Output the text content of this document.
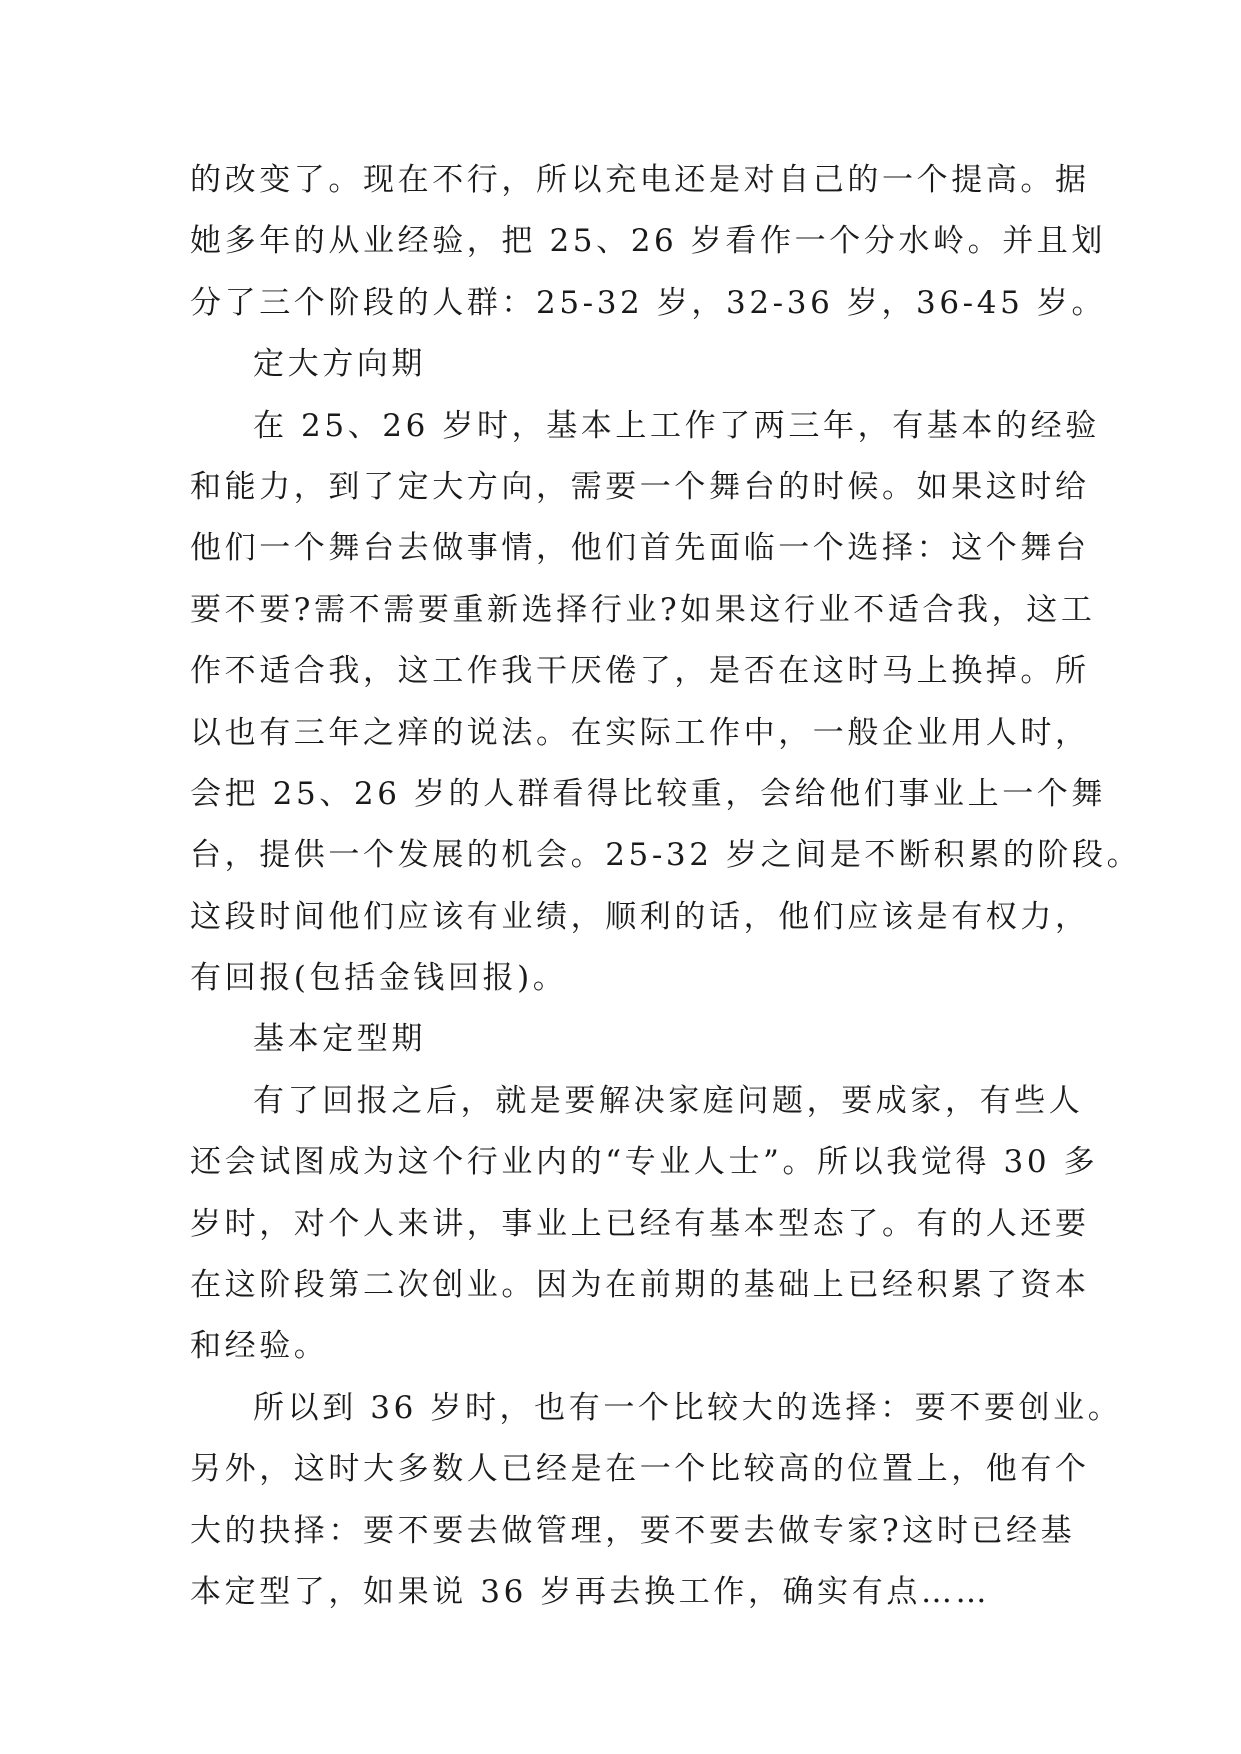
的改变了。现在不行，所以充电还是对自己的一个提高。据
她多年的从业经验，把 25、26 岁看作一个分水岭。并且划
分了三个阶段的人群：25-32 岁，32-36 岁，36-45 岁。
定大方向期
在 25、26 岁时，基本上工作了两三年，有基本的经验
和能力，到了定大方向，需要一个舞台的时候。如果这时给
他们一个舞台去做事情，他们首先面临一个选择：这个舞台
要不要?需不需要重新选择行业?如果这行业不适合我，这工
作不适合我，这工作我干厌倦了，是否在这时马上换掉。所
以也有三年之痒的说法。在实际工作中，一般企业用人时，
会把 25、26 岁的人群看得比较重，会给他们事业上一个舞
台，提供一个发展的机会。25-32 岁之间是不断积累的阶段。
这段时间他们应该有业绩，顺利的话，他们应该是有权力，
有回报(包括金钱回报)。
基本定型期
有了回报之后，就是要解决家庭问题，要成家，有些人
还会试图成为这个行业内的“专业人士”。所以我觉得 30 多
岁时，对个人来讲，事业上已经有基本型态了。有的人还要
在这阶段第二次创业。因为在前期的基础上已经积累了资本
和经验。
所以到 36 岁时，也有一个比较大的选择：要不要创业。
另外，这时大多数人已经是在一个比较高的位置上，他有个
大的抉择：要不要去做管理，要不要去做专家?这时已经基
本定型了，如果说 36 岁再去换工作，确实有点……
